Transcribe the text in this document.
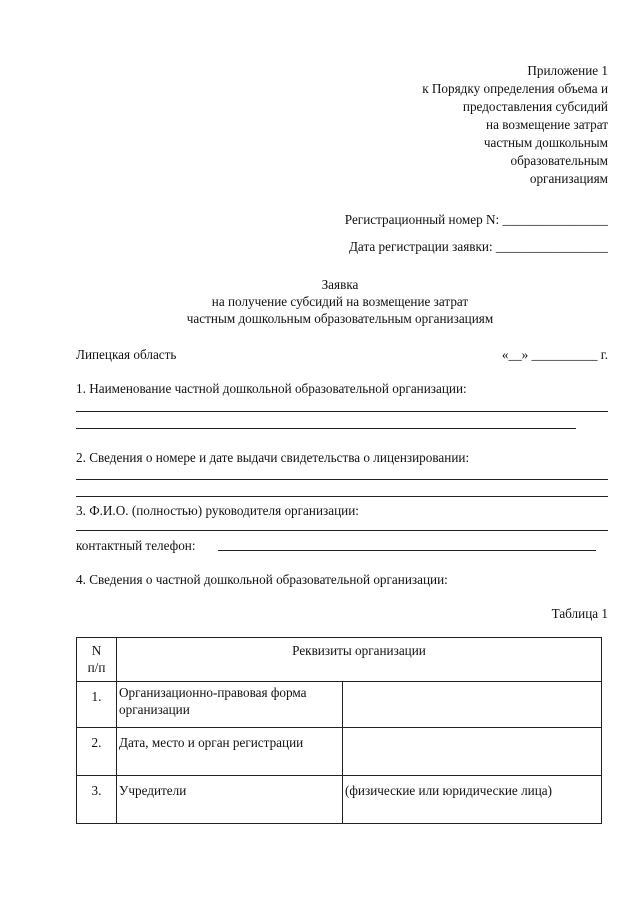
Приложение 1
к Порядку определения объема и
предоставления субсидий
на возмещение затрат
частным дошкольным
образовательным
организациям
Регистрационный номер N: ________________
Дата регистрации заявки: _________________
Заявка
на получение субсидий на возмещение затрат
частным дошкольным образовательным организациям
Липецкая область	«__» __________ г.
1. Наименование частной дошкольной образовательной организации:
2. Сведения о номере и дате выдачи свидетельства о лицензировании:
3. Ф.И.О. (полностью) руководителя организации:
контактный телефон:
4. Сведения о частной дошкольной образовательной организации:
Таблица 1
N
п/п	Реквизиты организации	
1.	Организационно-правовая форма организации	
2.	Дата, место и орган регистрации	
3.	Учредители	(физические или юридические лица)
